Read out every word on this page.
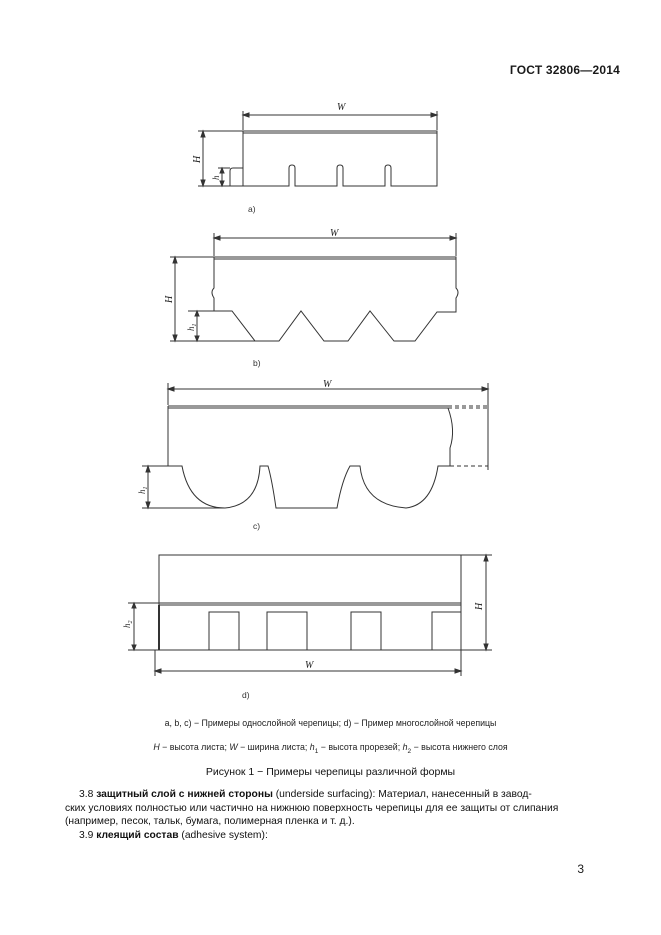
ГОСТ 32806—2014
W
H
h
a)
W
H
$h_1$
b)
W
$h_1$
c)
H
$h_2$
W
d)
a, b, c) − Примеры однослойной черепицы; d) − Пример многослойной черепицы
H − высота листа; W − ширина листа; $h_1$ − высота прорезей; $h_2$ − высота нижнего слоя
Рисунок 1 − Примеры черепицы различной формы
3.8 защитный слой с нижней стороны (underside surfacing): Материал, нанесенный в завод-
ских условиях полностью или частично на нижнюю поверхность черепицы для ее защиты от слипания
(например, песок, тальк, бумага, полимерная пленка и т. д.).
3.9 клеящий состав (adhesive system):
3
